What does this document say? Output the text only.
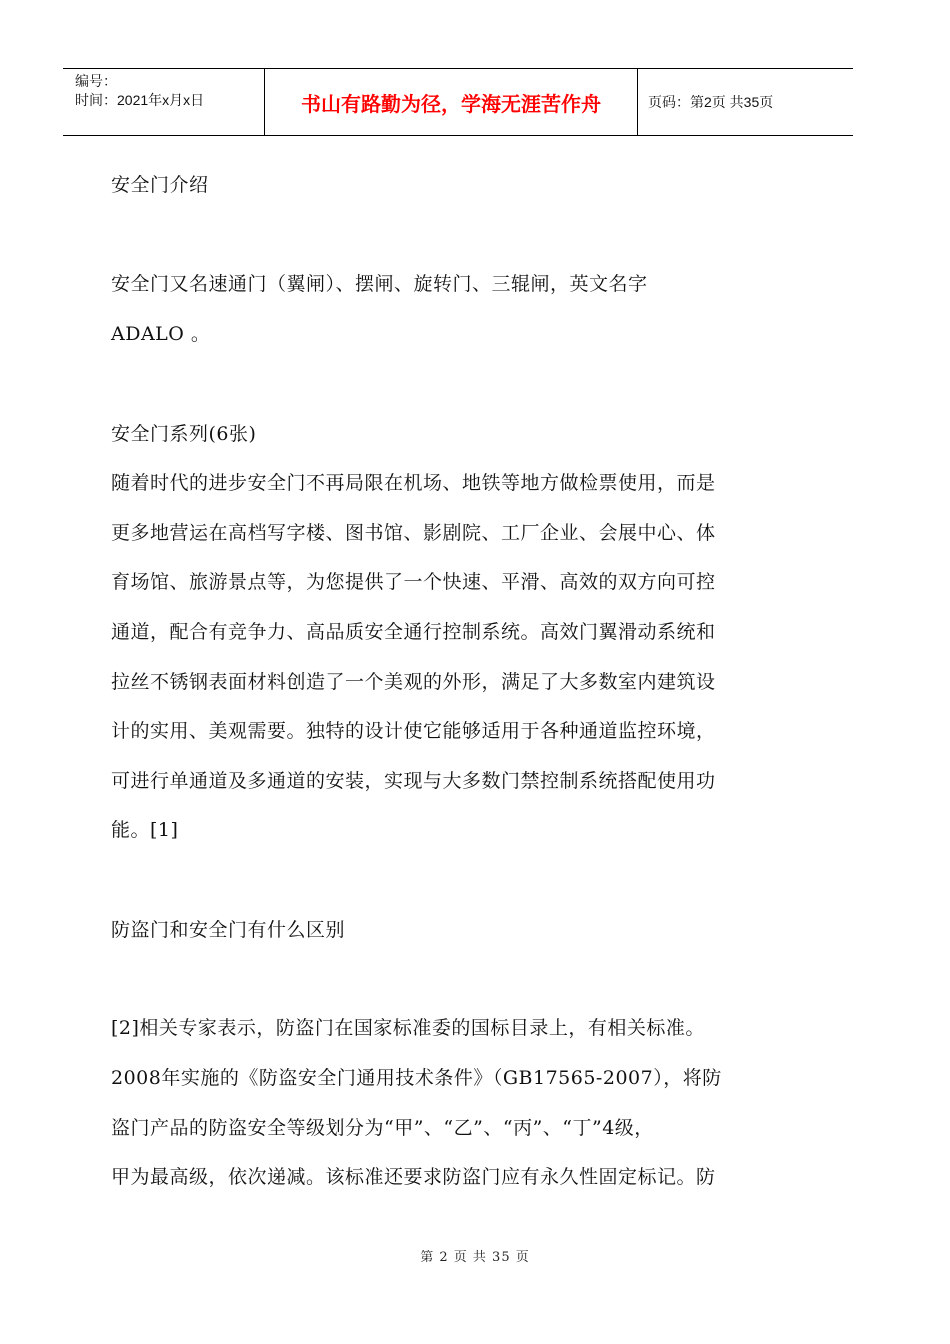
编号：
时间：2021年x月x日	书山有路勤为径，学海无涯苦作舟	页码：第2页 共35页
安全门介绍
安全门又名速通门（翼闸）、摆闸、旋转门、三辊闸，英文名字
ADALO 。
安全门系列(6张)
随着时代的进步安全门不再局限在机场、地铁等地方做检票使用，而是
更多地营运在高档写字楼、图书馆、影剧院、工厂企业、会展中心、体
育场馆、旅游景点等，为您提供了一个快速、平滑、高效的双方向可控
通道，配合有竞争力、高品质安全通行控制系统。高效门翼滑动系统和
拉丝不锈钢表面材料创造了一个美观的外形，满足了大多数室内建筑设
计的实用、美观需要。独特的设计使它能够适用于各种通道监控环境，
可进行单通道及多通道的安装，实现与大多数门禁控制系统搭配使用功
能。[1]
防盗门和安全门有什么区别
[2]相关专家表示，防盗门在国家标准委的国标目录上，有相关标准。
2008年实施的《防盗安全门通用技术条件》（GB17565-2007），将防
盗门产品的防盗安全等级划分为“甲”、“乙”、“丙”、“丁”4级，
甲为最高级，依次递减。该标准还要求防盗门应有永久性固定标记。防
第 2 页 共 35 页
